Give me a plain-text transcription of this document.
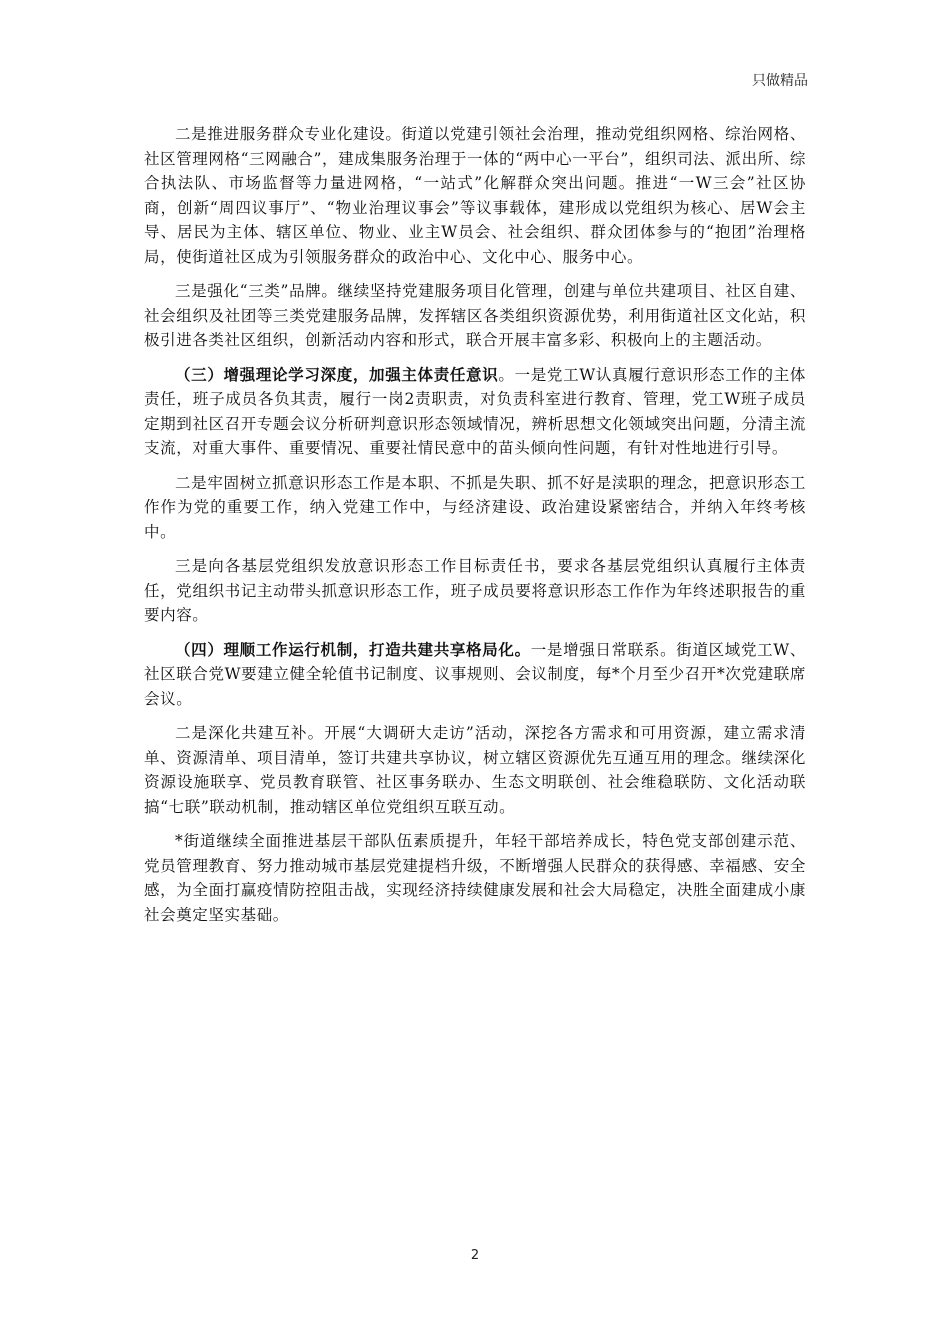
只做精品

二是推进服务群众专业化建设。街道以党建引领社会治理，推动党组织网格、综治网格、社区管理网格“三网融合”，建成集服务治理于一体的“两中心一平台”，组织司法、派出所、综合执法队、市场监督等力量进网格，“一站式”化解群众突出问题。推进“一W三会”社区协商，创新“周四议事厅”、“物业治理议事会”等议事载体，建形成以党组织为核心、居W会主导、居民为主体、辖区单位、物业、业主W员会、社会组织、群众团体参与的“抱团”治理格局，使街道社区成为引领服务群众的政治中心、文化中心、服务中心。

三是强化“三类”品牌。继续坚持党建服务项目化管理，创建与单位共建项目、社区自建、社会组织及社团等三类党建服务品牌，发挥辖区各类组织资源优势，利用街道社区文化站，积极引进各类社区组织，创新活动内容和形式，联合开展丰富多彩、积极向上的主题活动。

（三）增强理论学习深度，加强主体责任意识。一是党工W认真履行意识形态工作的主体责任，班子成员各负其责，履行一岗2责职责，对负责科室进行教育、管理，党工W班子成员定期到社区召开专题会议分析研判意识形态领域情况，辨析思想文化领域突出问题，分清主流支流，对重大事件、重要情况、重要社情民意中的苗头倾向性问题，有针对性地进行引导。

二是牢固树立抓意识形态工作是本职、不抓是失职、抓不好是渎职的理念，把意识形态工作作为党的重要工作，纳入党建工作中，与经济建设、政治建设紧密结合，并纳入年终考核中。

三是向各基层党组织发放意识形态工作目标责任书，要求各基层党组织认真履行主体责任，党组织书记主动带头抓意识形态工作，班子成员要将意识形态工作作为年终述职报告的重要内容。

（四）理顺工作运行机制，打造共建共享格局化。一是增强日常联系。街道区域党工W、社区联合党W要建立健全轮值书记制度、议事规则、会议制度，每*个月至少召开*次党建联席会议。

二是深化共建互补。开展“大调研大走访”活动，深挖各方需求和可用资源，建立需求清单、资源清单、项目清单，签订共建共享协议，树立辖区资源优先互通互用的理念。继续深化资源设施联享、党员教育联管、社区事务联办、生态文明联创、社会维稳联防、文化活动联搞“七联”联动机制，推动辖区单位党组织互联互动。

*街道继续全面推进基层干部队伍素质提升，年轻干部培养成长，特色党支部创建示范、党员管理教育、努力推动城市基层党建提档升级，不断增强人民群众的获得感、幸福感、安全感，为全面打赢疫情防控阻击战，实现经济持续健康发展和社会大局稳定，决胜全面建成小康社会奠定坚实基础。

2
